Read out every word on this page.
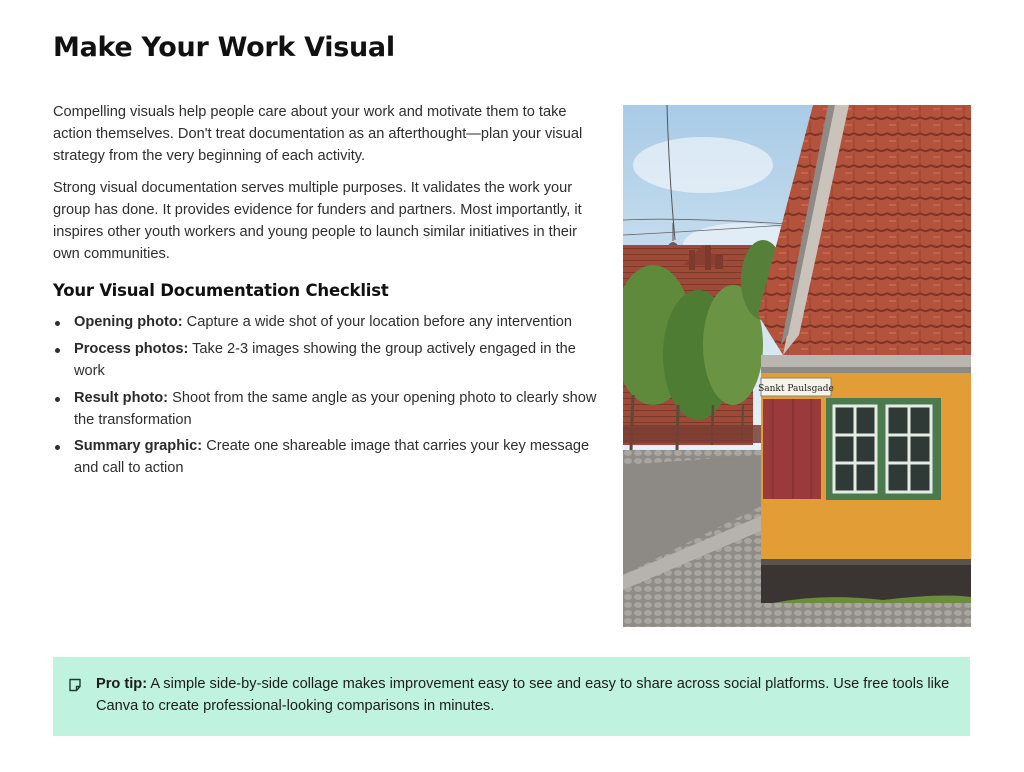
Make Your Work Visual

Compelling visuals help people care about your work and motivate them to take action themselves. Don't treat documentation as an afterthought—plan your visual strategy from the very beginning of each activity.

Strong visual documentation serves multiple purposes. It validates the work your group has done. It provides evidence for funders and partners. Most importantly, it inspires other youth workers and young people to launch similar initiatives in their own communities.

Your Visual Documentation Checklist
Opening photo: Capture a wide shot of your location before any intervention
Process photos: Take 2-3 images showing the group actively engaged in the work
Result photo: Shoot from the same angle as your opening photo to clearly show the transformation
Summary graphic: Create one shareable image that carries your key message and call to action
Sankt Paulsgade
Pro tip: A simple side-by-side collage makes improvement easy to see and easy to share across social platforms. Use free tools like Canva to create professional-looking comparisons in minutes.
